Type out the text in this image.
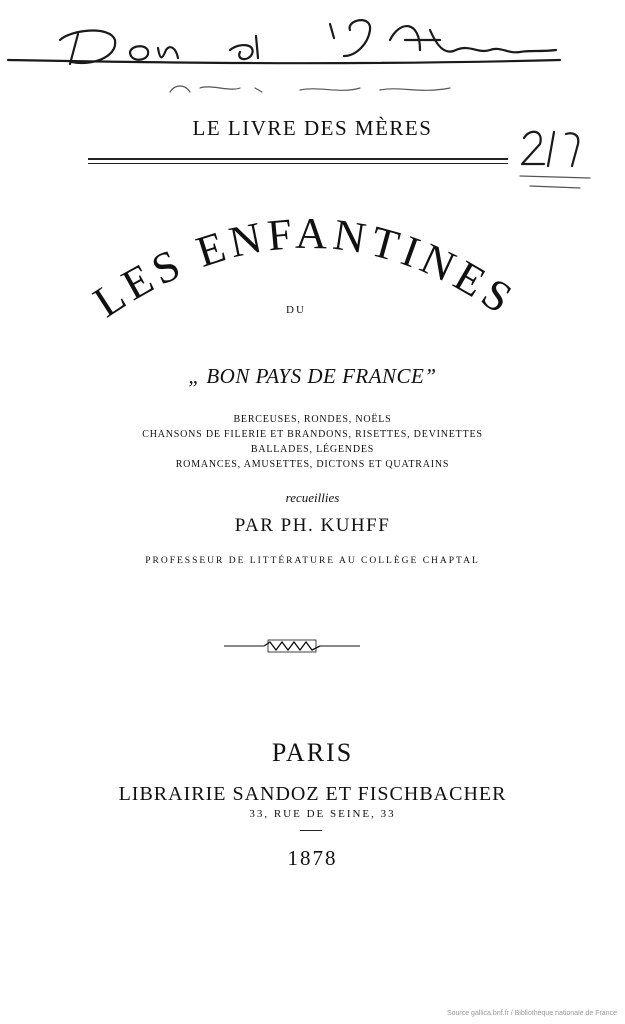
LE LIVRE DES MÈRES
LES ENFANTINES
DU
„ BON PAYS DE FRANCE”
BERCEUSES, RONDES, NOËLS
CHANSONS DE FILERIE ET BRANDONS, RISETTES, DEVINETTES
BALLADES, LÉGENDES
ROMANCES, AMUSETTES, DICTONS ET QUATRAINS
recueillies
PAR PH. KUHFF
PROFESSEUR DE LITTÉRATURE AU COLLÈGE CHAPTAL
PARIS
LIBRAIRIE SANDOZ ET FISCHBACHER
33, RUE DE SEINE, 33
1878
Source gallica.bnf.fr / Bibliothèque nationale de France
